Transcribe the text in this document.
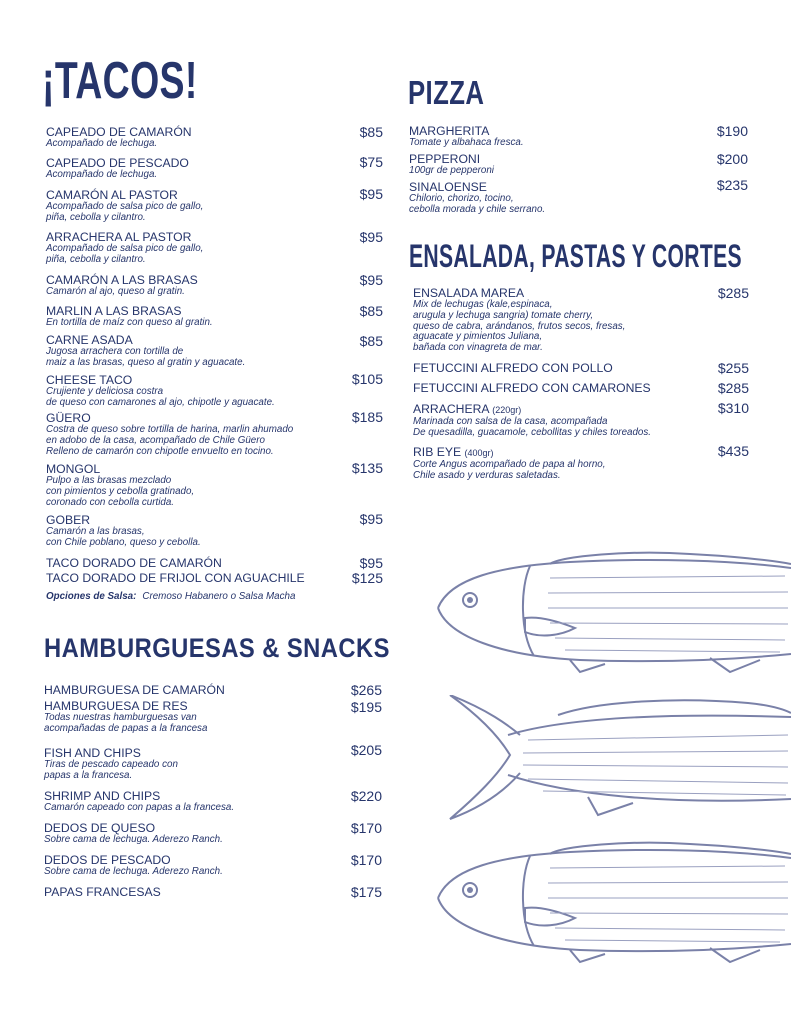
¡TACOS!
CAPEADO DE CAMARÓN
Acompañado de lechuga.
$85
CAPEADO DE PESCADO
Acompañado de lechuga.
$75
CAMARÓN AL PASTOR
Acompañado de salsa pico de gallo,
piña, cebolla y cilantro.
$95
ARRACHERA AL PASTOR
Acompañado de salsa pico de gallo,
piña, cebolla y cilantro.
$95
CAMARÓN A LAS BRASAS
Camarón al ajo, queso al gratin.
$95
MARLIN A LAS BRASAS
En tortilla de maíz con queso al gratin.
$85
CARNE ASADA
Jugosa arrachera con tortilla de
maiz a las brasas, queso al gratin y aguacate.
$85
CHEESE TACO
Crujiente y deliciosa costra
de queso con camarones al ajo, chipotle y aguacate.
$105
GÜERO
Costra de queso sobre tortilla de harina, marlin ahumado
en adobo de la casa, acompañado de Chile Güero
Relleno de camarón con chipotle envuelto en tocino.
$185
MONGOL
Pulpo a las brasas mezclado
con pimientos y cebolla gratinado,
coronado con cebolla curtida.
$135
GOBER
Camarón a las brasas,
con Chile poblano, queso y cebolla.
$95
TACO DORADO DE CAMARÓN	$95
TACO DORADO DE FRIJOL CON AGUACHILE	$125
Opciones de Salsa: Cremoso Habanero o Salsa Macha
HAMBURGUESAS & SNACKS
HAMBURGUESA DE CAMARÓN	$265
HAMBURGUESA DE RES
Todas nuestras hamburguesas van
acompañadas de papas a la francesa
$195
FISH AND CHIPS
Tiras de pescado capeado con
papas a la francesa.
$205
SHRIMP AND CHIPS
Camarón capeado con papas a la francesa.
$220
DEDOS DE QUESO
Sobre cama de lechuga. Aderezo Ranch.
$170
DEDOS DE PESCADO
Sobre cama de lechuga. Aderezo Ranch.
$170
PAPAS FRANCESAS	$175
PIZZA
MARGHERITA
Tomate y albahaca fresca.
$190
PEPPERONI
100gr de pepperoni
$200
SINALOENSE
Chilorio, chorizo, tocino,
cebolla morada y chile serrano.
$235
ENSALADA, PASTAS Y CORTES
ENSALADA MAREA
Mix de lechugas (kale,espinaca,
arugula y lechuga sangria) tomate cherry,
queso de cabra, arándanos, frutos secos, fresas,
aguacate y pimientos Juliana,
bañada con vinagreta de mar.
$285
FETUCCINI ALFREDO CON POLLO	$255
FETUCCINI ALFREDO CON CAMARONES	$285
ARRACHERA (220gr)
Marinada con salsa de la casa, acompañada
De quesadilla, guacamole, cebollitas y chiles toreados.
$310
RIB EYE (400gr)
Corte Angus acompañado de papa al horno,
Chile asado y verduras saletadas.
$435
